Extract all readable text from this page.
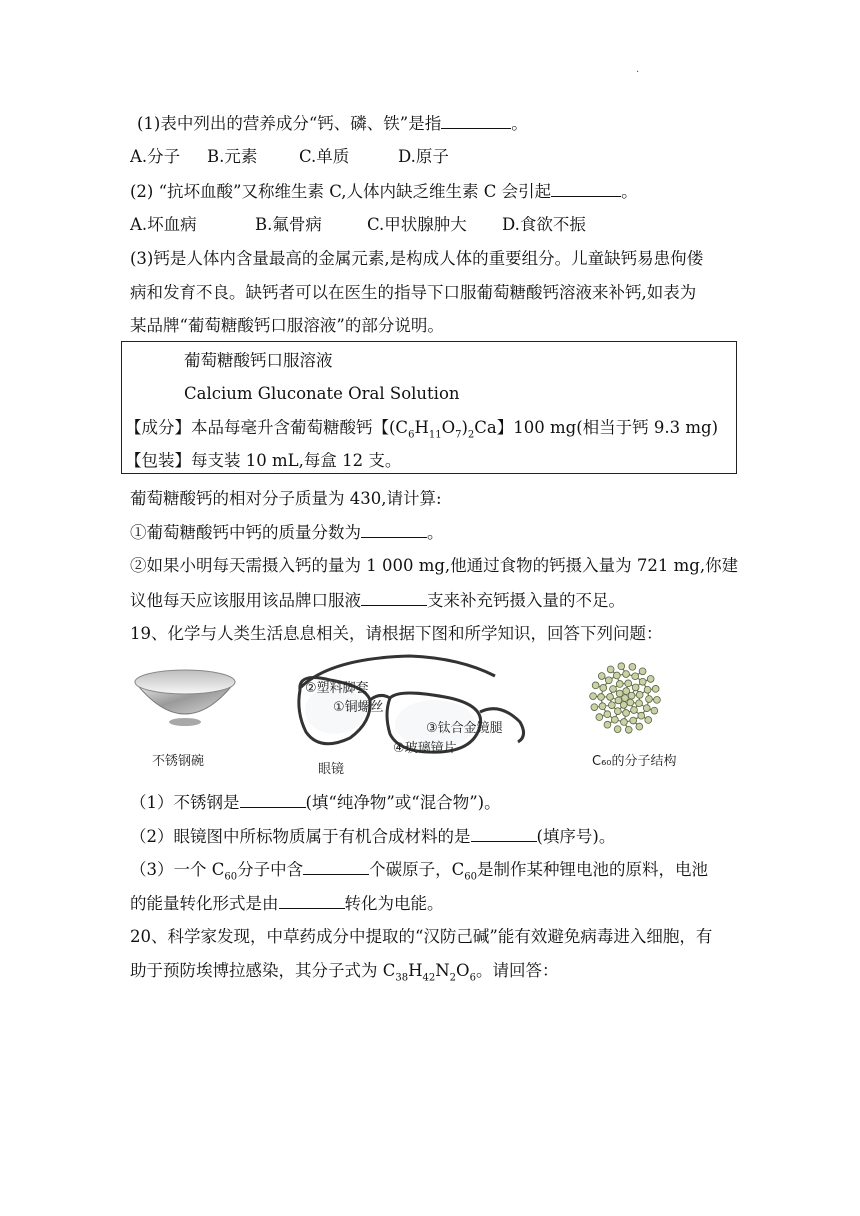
.
(1)表中列出的营养成分“钙、磷、铁”是指	。
A.分子 B.元素	C.单质	D.原子
(2) “抗坏血酸”又称维生素 C,人体内缺乏维生素 C 会引起	。
A.坏血病	B.氟骨病	C.甲状腺肿大 D.食欲不振
(3)钙是人体内含量最高的金属元素,是构成人体的重要组分。儿童缺钙易患佝偻
病和发育不良。缺钙者可以在医生的指导下口服葡萄糖酸钙溶液来补钙,如表为
某品牌“葡萄糖酸钙口服溶液”的部分说明。
葡萄糖酸钙口服溶液
Calcium Gluconate Oral Solution
【成分】本品每毫升含葡萄糖酸钙【$(C_6H_{11}O_7)_2Ca$】100 mg(相当于钙 9.3 mg)
【包装】每支装 10 mL,每盒 12 支。
葡萄糖酸钙的相对分子质量为 430,请计算:
①葡萄糖酸钙中钙的质量分数为	。
②如果小明每天需摄入钙的量为 1 000 mg,他通过食物的钙摄入量为 721 mg,你建
议他每天应该服用该品牌口服液	支来补充钙摄入量的不足。
19、化学与人类生活息息相关，请根据下图和所学知识，回答下列问题：
不锈钢碗
②塑料脚套
①铜螺丝
③钛合金镜腿
④玻璃镜片
眼镜
C₆₀的分子结构
（1）不锈钢是	(填“纯净物”或“混合物”)。
（2）眼镜图中所标物质属于有机合成材料的是	(填序号)。
（3）一个 $C_{60}$分子中含	个碳原子，$C_{60}$是制作某种锂电池的原料，电池
的能量转化形式是由	转化为电能。
20、科学家发现，中草药成分中提取的“汉防己碱”能有效避免病毒进入细胞，有
助于预防埃博拉感染，其分子式为 $C_{38}H_{42}N_2O_6$。请回答：
